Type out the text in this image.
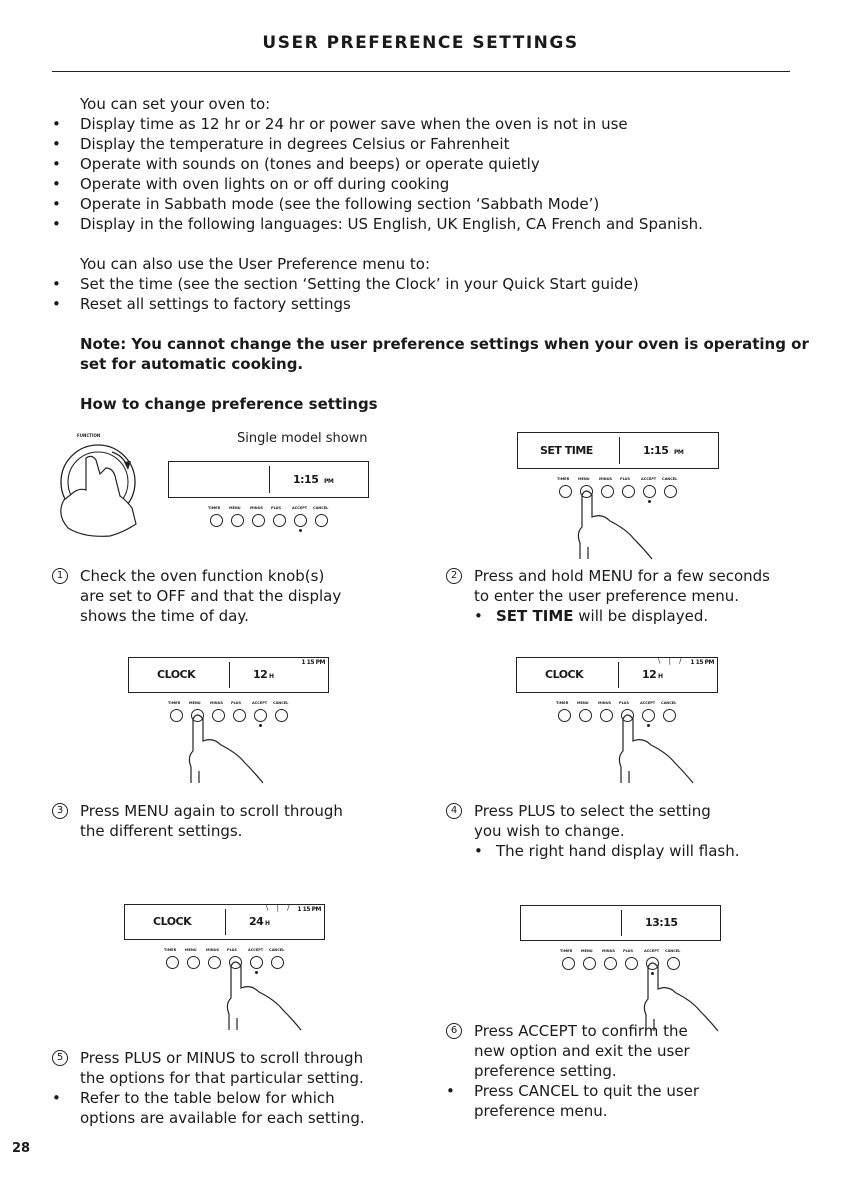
USER PREFERENCE SETTINGS
You can set your oven to:
• Display time as 12 hr or 24 hr or power save when the oven is not in use
• Display the temperature in degrees Celsius or Fahrenheit
• Operate with sounds on (tones and beeps) or operate quietly
• Operate with oven lights on or off during cooking
• Operate in Sabbath mode (see the following section ‘Sabbath Mode’)
• Display in the following languages: US English, UK English, CA French and Spanish.
You can also use the User Preference menu to:
• Set the time (see the section ‘Setting the Clock’ in your Quick Start guide)
• Reset all settings to factory settings
Note: You cannot change the user preference settings when your oven is operating or
set for automatic cooking.
How to change preference settings
Single model shown
FUNCTION
1:15 PM
TIMER MENU	MINUS PLUS	ACCEPT CANCEL
SET TIME	1:15 PM
TIMER MENU	MINUS PLUS	ACCEPT CANCEL
1	Check the oven function knob(s)
are set to OFF and that the display
shows the time of day.
2	Press and hold MENU for a few seconds
to enter the user preference menu.
• SET TIME will be displayed.
CLOCK	12 H
1 15 PM
TIMER MENU	MINUS PLUS	ACCEPT CANCEL
CLOCK	12 H
1 15 PM
TIMER MENU	MINUS PLUS	ACCEPT CANCEL
\ | /
3	Press MENU again to scroll through
the different settings.
4	Press PLUS to select the setting
you wish to change.
• The right hand display will flash.
CLOCK	24 H
1 15 PM
TIMER MENU	MINUS PLUS	ACCEPT CANCEL
\ | /
13:15
TIMER MENU	MINUS PLUS	ACCEPT CANCEL
5	Press PLUS or MINUS to scroll through
the options for that particular setting.
• Refer to the table below for which
options are available for each setting.
6	Press ACCEPT to confirm the
new option and exit the user
preference setting.
• Press CANCEL to quit the user
preference menu.
28
